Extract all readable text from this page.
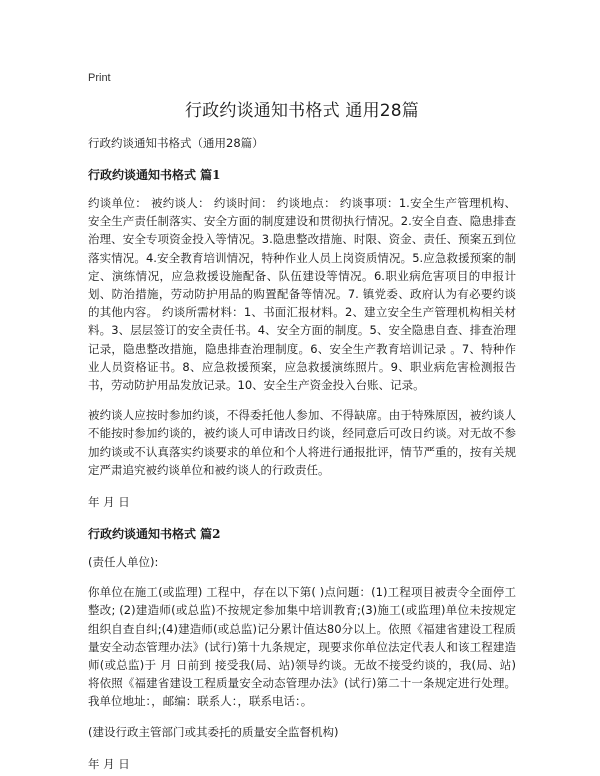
Print
行政约谈通知书格式 通用28篇
行政约谈通知书格式（通用28篇）
行政约谈通知书格式 篇1
约谈单位： 被约谈人： 约谈时间： 约谈地点： 约谈事项：1.安全生产管理机构、安全生产责任制落实、安全方面的制度建设和贯彻执行情况。2.安全自查、隐患排查治理、安全专项资金投入等情况。3.隐患整改措施、时限、资金、责任、预案五到位落实情况。4.安全教育培训情况，特种作业人员上岗资质情况。5.应急救援预案的制定、演练情况，应急救援设施配备、队伍建设等情况。6.职业病危害项目的申报计划、防治措施，劳动防护用品的购置配备等情况。7. 镇党委、政府认为有必要约谈的其他内容。 约谈所需材料：1、书面汇报材料。2、建立安全生产管理机构相关材料。3、层层签订的安全责任书。4、安全方面的制度。5、安全隐患自查、排查治理记录，隐患整改措施，隐患排查治理制度。6、安全生产教育培训记录 。7、特种作业人员资格证书。8、应急救援预案，应急救援演练照片。9、职业病危害检测报告书，劳动防护用品发放记录。10、安全生产资金投入台账、记录。
被约谈人应按时参加约谈，不得委托他人参加、不得缺席。由于特殊原因，被约谈人不能按时参加约谈的，被约谈人可申请改日约谈，经同意后可改日约谈。对无故不参加约谈或不认真落实约谈要求的单位和个人将进行通报批评，情节严重的，按有关规定严肃追究被约谈单位和被约谈人的行政责任。
年 月 日
行政约谈通知书格式 篇2
(责任人单位):
你单位在施工(或监理) 工程中，存在以下第( )点问题：(1)工程项目被责令全面停工整改; (2)建造师(或总监)不按规定参加集中培训教育;(3)施工(或监理)单位未按规定组织自查自纠;(4)建造师(或总监)记分累计值达80分以上。依照《福建省建设工程质量安全动态管理办法》(试行)第十九条规定，现要求你单位法定代表人和该工程建造师(或总监)于 月 日前到 接受我(局、站)领导约谈。无故不接受约谈的，我(局、站)将依照《福建省建设工程质量安全动态管理办法》(试行)第二十一条规定进行处理。我单位地址：，邮编：联系人：，联系电话：。
(建设行政主管部门或其委托的质量安全监督机构)
年 月 日
